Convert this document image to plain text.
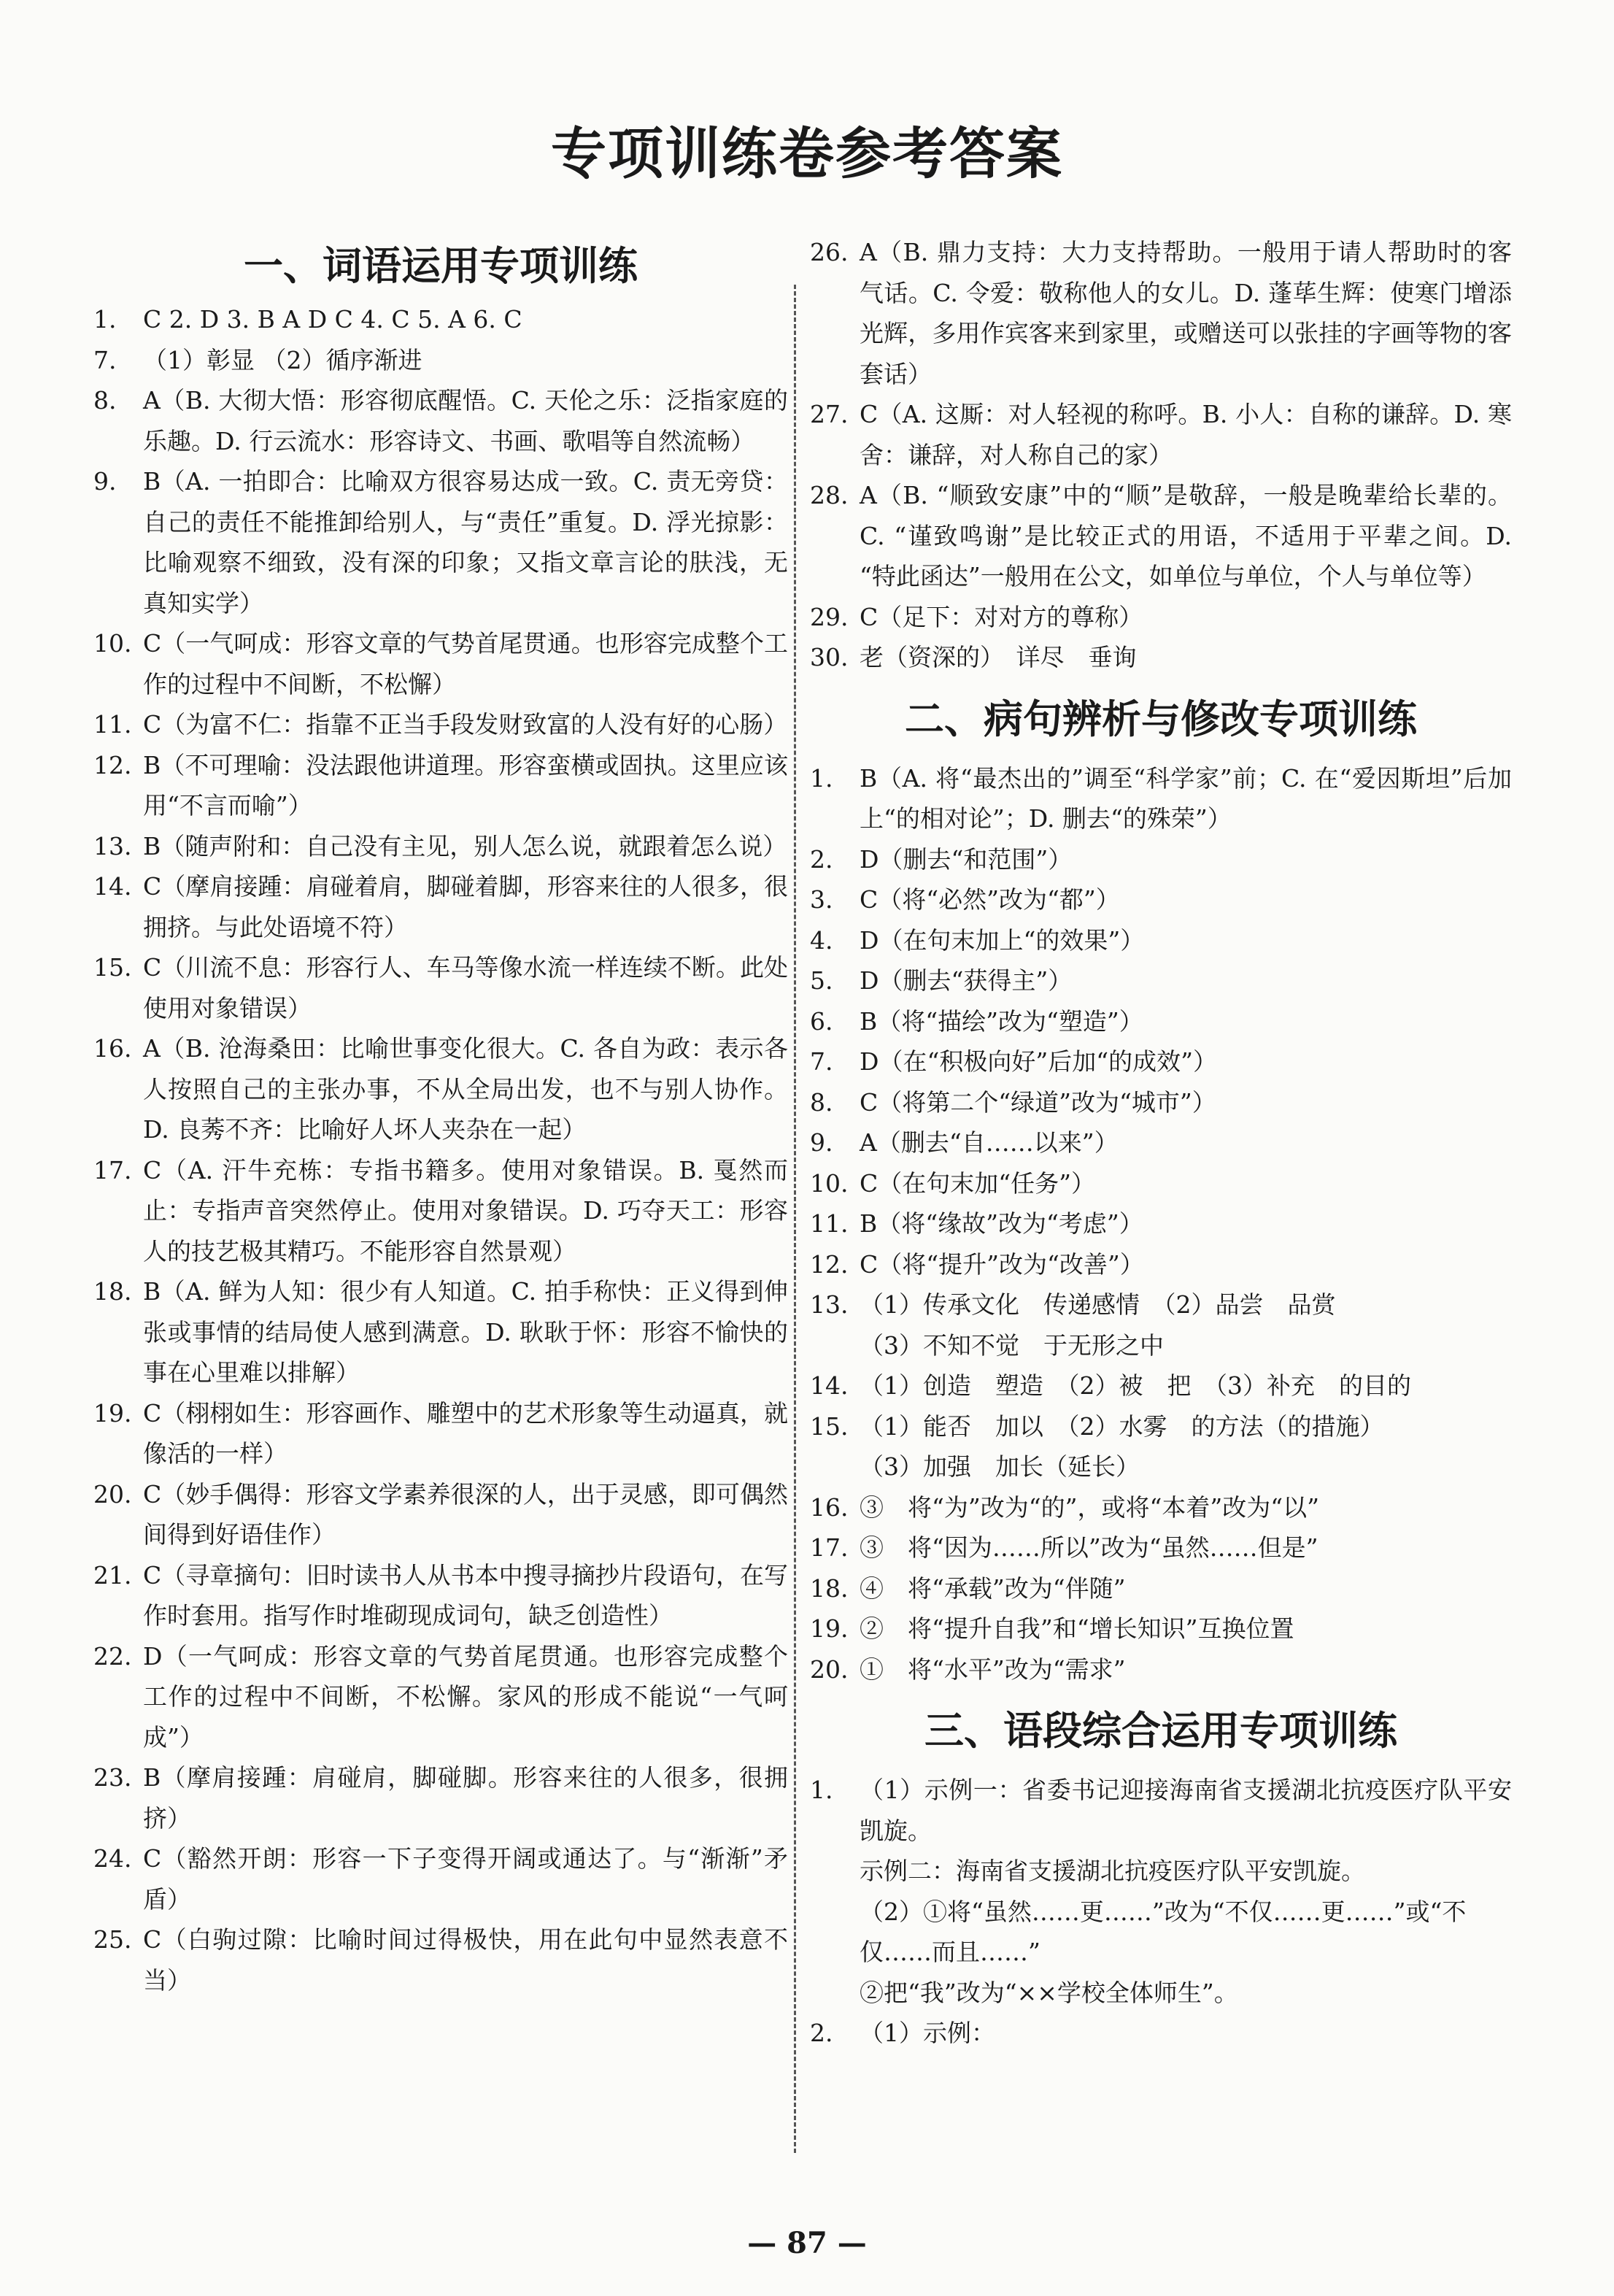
专项训练卷参考答案
一、词语运用专项训练
1.	C 2. D 3. B A D C 4. C 5. A 6. C
7.	（1）彰显 （2）循序渐进
8.	A（B. 大彻大悟：形容彻底醒悟。C. 天伦之乐：泛指家庭的乐趣。D. 行云流水：形容诗文、书画、歌唱等自然流畅）
9.	B（A. 一拍即合：比喻双方很容易达成一致。C. 责无旁贷：自己的责任不能推卸给别人，与“责任”重复。D. 浮光掠影：比喻观察不细致，没有深的印象；又指文章言论的肤浅，无真知实学）
10. C（一气呵成：形容文章的气势首尾贯通。也形容完成整个工作的过程中不间断，不松懈）
11. C（为富不仁：指靠不正当手段发财致富的人没有好的心肠）
12. B（不可理喻：没法跟他讲道理。形容蛮横或固执。这里应该用“不言而喻”）
13. B（随声附和：自己没有主见，别人怎么说，就跟着怎么说）
14. C（摩肩接踵：肩碰着肩，脚碰着脚，形容来往的人很多，很拥挤。与此处语境不符）
15. C（川流不息：形容行人、车马等像水流一样连续不断。此处使用对象错误）
16. A（B. 沧海桑田：比喻世事变化很大。C. 各自为政：表示各人按照自己的主张办事，不从全局出发，也不与别人协作。D. 良莠不齐：比喻好人坏人夹杂在一起）
17. C（A. 汗牛充栋：专指书籍多。使用对象错误。B. 戛然而止：专指声音突然停止。使用对象错误。D. 巧夺天工：形容人的技艺极其精巧。不能形容自然景观）
18. B（A. 鲜为人知：很少有人知道。C. 拍手称快：正义得到伸张或事情的结局使人感到满意。D. 耿耿于怀：形容不愉快的事在心里难以排解）
19. C（栩栩如生：形容画作、雕塑中的艺术形象等生动逼真，就像活的一样）
20. C（妙手偶得：形容文学素养很深的人，出于灵感，即可偶然间得到好语佳作）
21. C（寻章摘句：旧时读书人从书本中搜寻摘抄片段语句，在写作时套用。指写作时堆砌现成词句，缺乏创造性）
22. D（一气呵成：形容文章的气势首尾贯通。也形容完成整个工作的过程中不间断，不松懈。家风的形成不能说“一气呵成”）
23. B（摩肩接踵：肩碰肩，脚碰脚。形容来往的人很多，很拥挤）
24. C（豁然开朗：形容一下子变得开阔或通达了。与“渐渐”矛盾）
25. C（白驹过隙：比喻时间过得极快，用在此句中显然表意不当）
26. A（B. 鼎力支持：大力支持帮助。一般用于请人帮助时的客气话。C. 令爱：敬称他人的女儿。D. 蓬荜生辉：使寒门增添光辉，多用作宾客来到家里，或赠送可以张挂的字画等物的客套话）
27. C（A. 这厮：对人轻视的称呼。B. 小人：自称的谦辞。D. 寒舍：谦辞，对人称自己的家）
28. A（B. “顺致安康”中的“顺”是敬辞，一般是晚辈给长辈的。C. “谨致鸣谢”是比较正式的用语，不适用于平辈之间。D. “特此函达”一般用在公文，如单位与单位，个人与单位等）
29. C（足下：对对方的尊称）
30. 老（资深的）　详尽　垂询
二、病句辨析与修改专项训练
1.	B（A. 将“最杰出的”调至“科学家”前；C. 在“爱因斯坦”后加上“的相对论”；D. 删去“的殊荣”）
2.	D（删去“和范围”）
3.	C（将“必然”改为“都”）
4.	D（在句末加上“的效果”）
5.	D（删去“获得主”）
6.	B（将“描绘”改为“塑造”）
7.	D（在“积极向好”后加“的成效”）
8.	C（将第二个“绿道”改为“城市”）
9.	A（删去“自……以来”）
10. C（在句末加“任务”）
11. B（将“缘故”改为“考虑”）
12. C（将“提升”改为“改善”）
13. （1）传承文化　传递感情　（2）品尝　品赏
（3）不知不觉　于无形之中
14. （1）创造　塑造　（2）被　把　（3）补充　的目的
15. （1）能否　加以　（2）水雾　的方法（的措施）
（3）加强　加长（延长）
16. ③　将“为”改为“的”，或将“本着”改为“以”
17. ③　将“因为……所以”改为“虽然……但是”
18. ④　将“承载”改为“伴随”
19. ②　将“提升自我”和“增长知识”互换位置
20. ①　将“水平”改为“需求”
三、语段综合运用专项训练
1.	（1）示例一：省委书记迎接海南省支援湖北抗疫医疗队平安凯旋。
示例二：海南省支援湖北抗疫医疗队平安凯旋。
（2）①将“虽然……更……”改为“不仅……更……”或“不仅……而且……”
②把“我”改为“××学校全体师生”。
2.	（1）示例：
— 87 —
